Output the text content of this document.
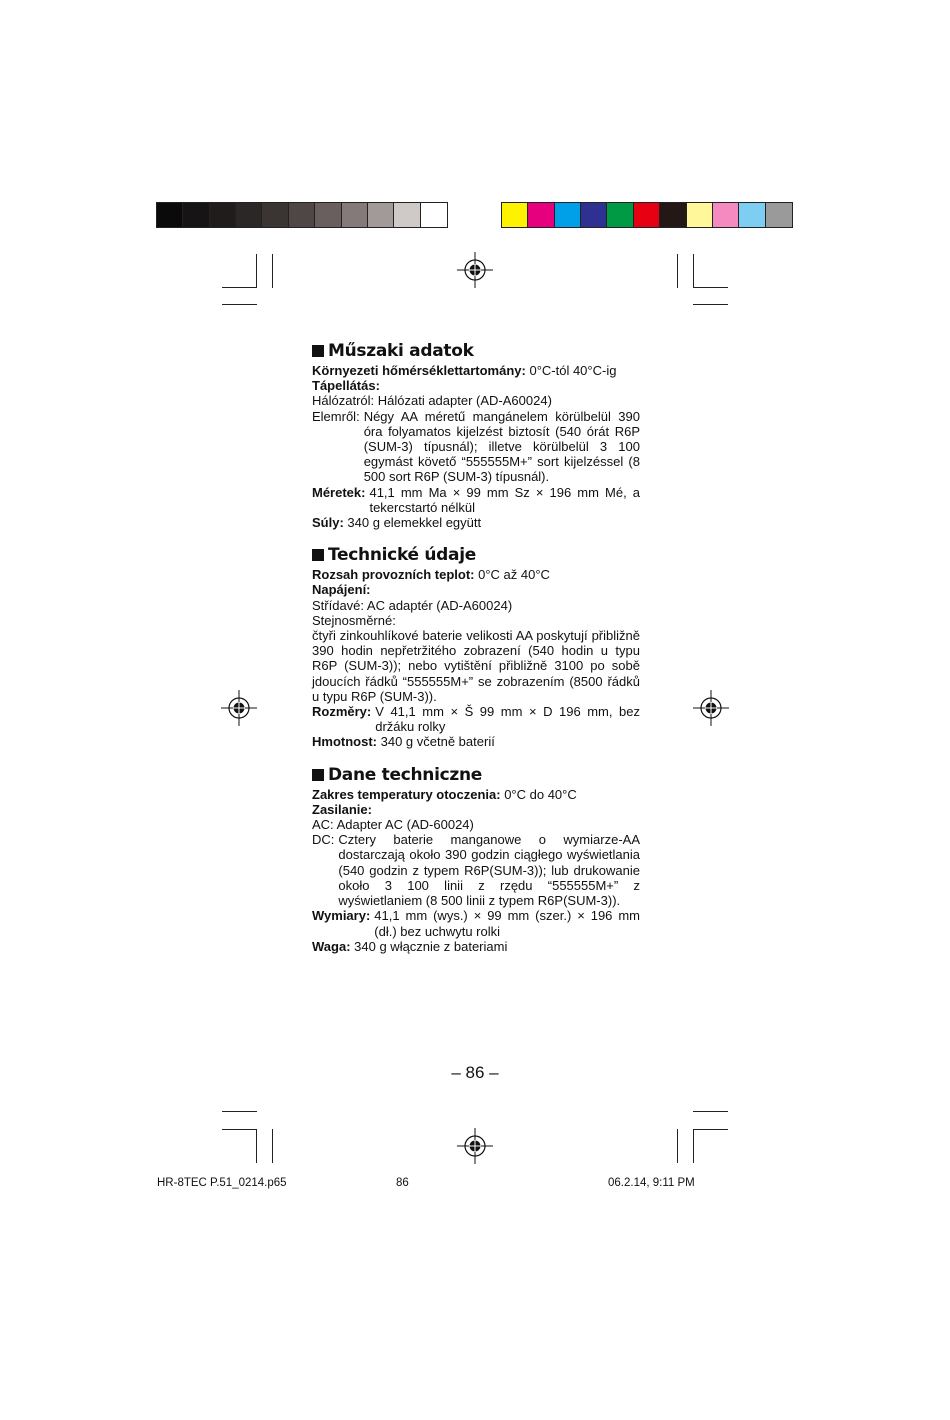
Műszaki adatok
Környezeti hőmérséklettartomány: 0°C-tól 40°C-ig
Tápellátás:
Hálózatról: Hálózati adapter (AD-A60024)
Elemről: Négy AA méretű mangánelem körülbelül 390 óra folyamatos kijelzést biztosít (540 órát R6P (SUM-3) típusnál); illetve körülbelül 3 100 egymást követő “555555M+” sort kijelzéssel (8 500 sort R6P (SUM-3) típusnál).
Méretek: 41,1 mm Ma × 99 mm Sz × 196 mm Mé, a tekercstartó nélkül
Súly: 340 g elemekkel együtt
Technické údaje
Rozsah provozních teplot: 0°C až 40°C
Napájení:
Střídavé: AC adaptér (AD-A60024)
Stejnosměrné:
čtyři zinkouhlíkové baterie velikosti AA poskytují přibližně 390 hodin nepřetržitého zobrazení (540 hodin u typu R6P (SUM-3)); nebo vytištění přibližně 3100 po sobě jdoucích řádků “555555M+” se zobrazením (8500 řádků u typu R6P (SUM-3)).
Rozměry: V 41,1 mm × Š 99 mm × D 196 mm, bez držáku rolky
Hmotnost: 340 g včetně baterií
Dane techniczne
Zakres temperatury otoczenia: 0°C do 40°C
Zasilanie:
AC: Adapter AC (AD-60024)
DC: Cztery baterie manganowe o wymiarze-AA dostarczają około 390 godzin ciągłego wyświetlania (540 godzin z typem R6P(SUM-3)); lub drukowanie około 3 100 linii z rzędu “555555M+” z wyświetlaniem (8 500 linii z typem R6P(SUM-3)).
Wymiary: 41,1 mm (wys.) × 99 mm (szer.) × 196 mm (dł.) bez uchwytu rolki
Waga: 340 g włącznie z bateriami
– 86 –
HR-8TEC P.51_0214.p65	86	06.2.14, 9:11 PM
